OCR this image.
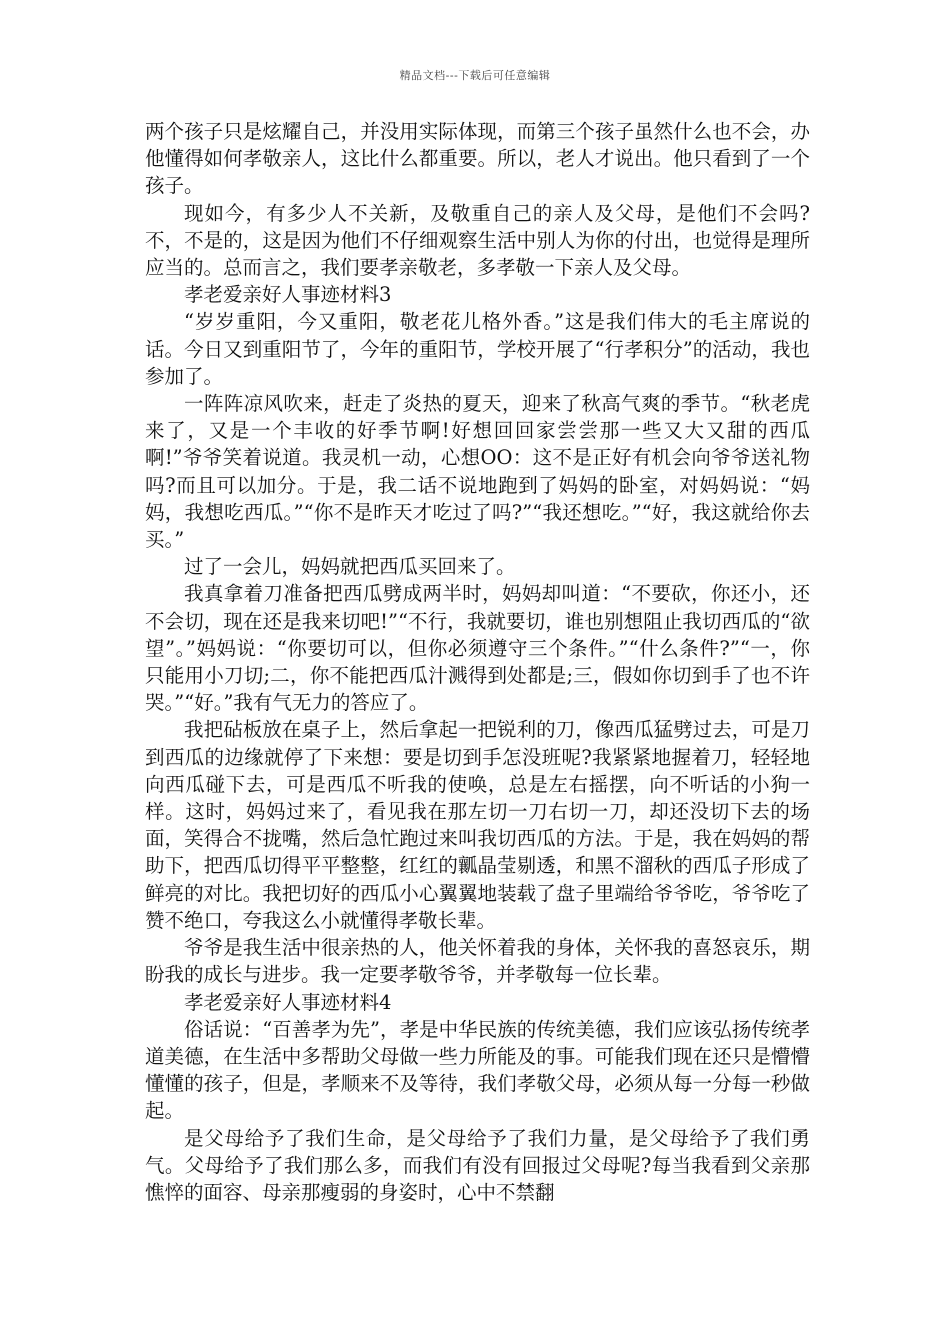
精品文档---下载后可任意编辑

两个孩子只是炫耀自己，并没用实际体现，而第三个孩子虽然什么也不会，办他懂得如何孝敬亲人，这比什么都重要。所以，老人才说出。他只看到了一个孩子。

现如今，有多少人不关新，及敬重自己的亲人及父母，是他们不会吗?不，不是的，这是因为他们不仔细观察生活中别人为你的付出，也觉得是理所应当的。总而言之，我们要孝亲敬老，多孝敬一下亲人及父母。

孝老爱亲好人事迹材料3

“岁岁重阳，今又重阳，敬老花儿格外香。”这是我们伟大的毛主席说的话。今日又到重阳节了，今年的重阳节，学校开展了“行孝积分”的活动，我也参加了。

一阵阵凉风吹来，赶走了炎热的夏天，迎来了秋高气爽的季节。“秋老虎来了，又是一个丰收的好季节啊!好想回回家尝尝那一些又大又甜的西瓜啊!”爷爷笑着说道。我灵机一动，心想OO：这不是正好有机会向爷爷送礼物吗?而且可以加分。于是，我二话不说地跑到了妈妈的卧室，对妈妈说：“妈妈，我想吃西瓜。”“你不是昨天才吃过了吗?”“我还想吃。”“好，我这就给你去买。”

过了一会儿，妈妈就把西瓜买回来了。

我真拿着刀准备把西瓜劈成两半时，妈妈却叫道：“不要砍，你还小，还不会切，现在还是我来切吧!”“不行，我就要切，谁也别想阻止我切西瓜的“欲望”。”妈妈说：“你要切可以，但你必须遵守三个条件。”“什么条件?”“一，你只能用小刀切;二，你不能把西瓜汁溅得到处都是;三，假如你切到手了也不许哭。”“好。”我有气无力的答应了。

我把砧板放在桌子上，然后拿起一把锐利的刀，像西瓜猛劈过去，可是刀到西瓜的边缘就停了下来想：要是切到手怎没班呢?我紧紧地握着刀，轻轻地向西瓜碰下去，可是西瓜不听我的使唤，总是左右摇摆，向不听话的小狗一样。这时，妈妈过来了，看见我在那左切一刀右切一刀，却还没切下去的场面，笑得合不拢嘴，然后急忙跑过来叫我切西瓜的方法。于是，我在妈妈的帮助下，把西瓜切得平平整整，红红的瓤晶莹剔透，和黑不溜秋的西瓜子形成了鲜亮的对比。我把切好的西瓜小心翼翼地装载了盘子里端给爷爷吃，爷爷吃了赞不绝口，夸我这么小就懂得孝敬长辈。

爷爷是我生活中很亲热的人，他关怀着我的身体，关怀我的喜怒哀乐，期盼我的成长与进步。我一定要孝敬爷爷，并孝敬每一位长辈。

孝老爱亲好人事迹材料4

俗话说：“百善孝为先”，孝是中华民族的传统美德，我们应该弘扬传统孝道美德，在生活中多帮助父母做一些力所能及的事。可能我们现在还只是懵懵懂懂的孩子，但是，孝顺来不及等待，我们孝敬父母，必须从每一分每一秒做起。

是父母给予了我们生命，是父母给予了我们力量，是父母给予了我们勇气。父母给予了我们那么多，而我们有没有回报过父母呢?每当我看到父亲那憔悴的面容、母亲那瘦弱的身姿时，心中不禁翻
